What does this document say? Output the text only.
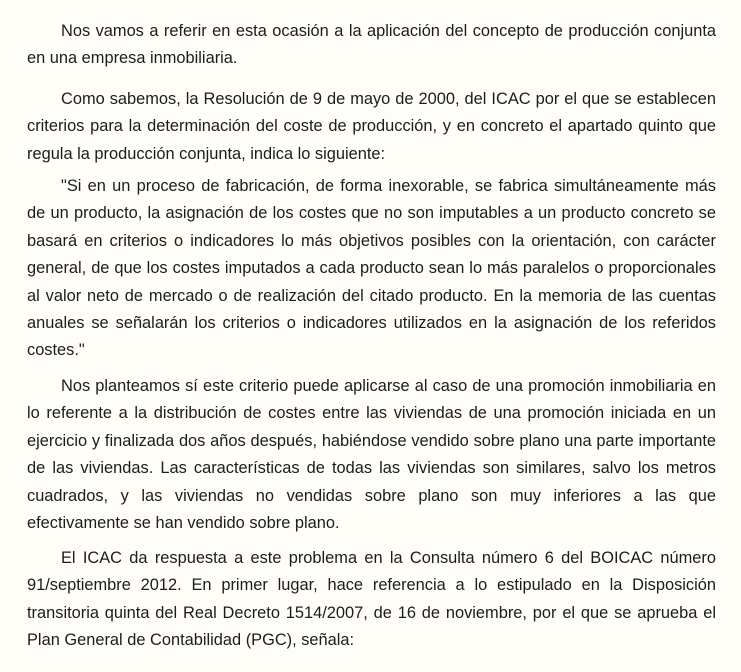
Nos vamos a referir en esta ocasión a la aplicación del concepto de producción conjunta en una empresa inmobiliaria.

Como sabemos, la Resolución de 9 de mayo de 2000, del ICAC por el que se establecen criterios para la determinación del coste de producción, y en concreto el apartado quinto que regula la producción conjunta, indica lo siguiente:

"Si en un proceso de fabricación, de forma inexorable, se fabrica simultáneamente más de un producto, la asignación de los costes que no son imputables a un producto concreto se basará en criterios o indicadores lo más objetivos posibles con la orientación, con carácter general, de que los costes imputados a cada producto sean lo más paralelos o proporcionales al valor neto de mercado o de realización del citado producto. En la memoria de las cuentas anuales se señalarán los criterios o indicadores utilizados en la asignación de los referidos costes."

Nos planteamos sí este criterio puede aplicarse al caso de una promoción inmobiliaria en lo referente a la distribución de costes entre las viviendas de una promoción iniciada en un ejercicio y finalizada dos años después, habiéndose vendido sobre plano una parte importante de las viviendas. Las características de todas las viviendas son similares, salvo los metros cuadrados, y las viviendas no vendidas sobre plano son muy inferiores a las que efectivamente se han vendido sobre plano.

El ICAC da respuesta a este problema en la Consulta número 6 del BOICAC número 91/septiembre 2012. En primer lugar, hace referencia a lo estipulado en la Disposición transitoria quinta del Real Decreto 1514/2007, de 16 de noviembre, por el que se aprueba el Plan General de Contabilidad (PGC), señala:
